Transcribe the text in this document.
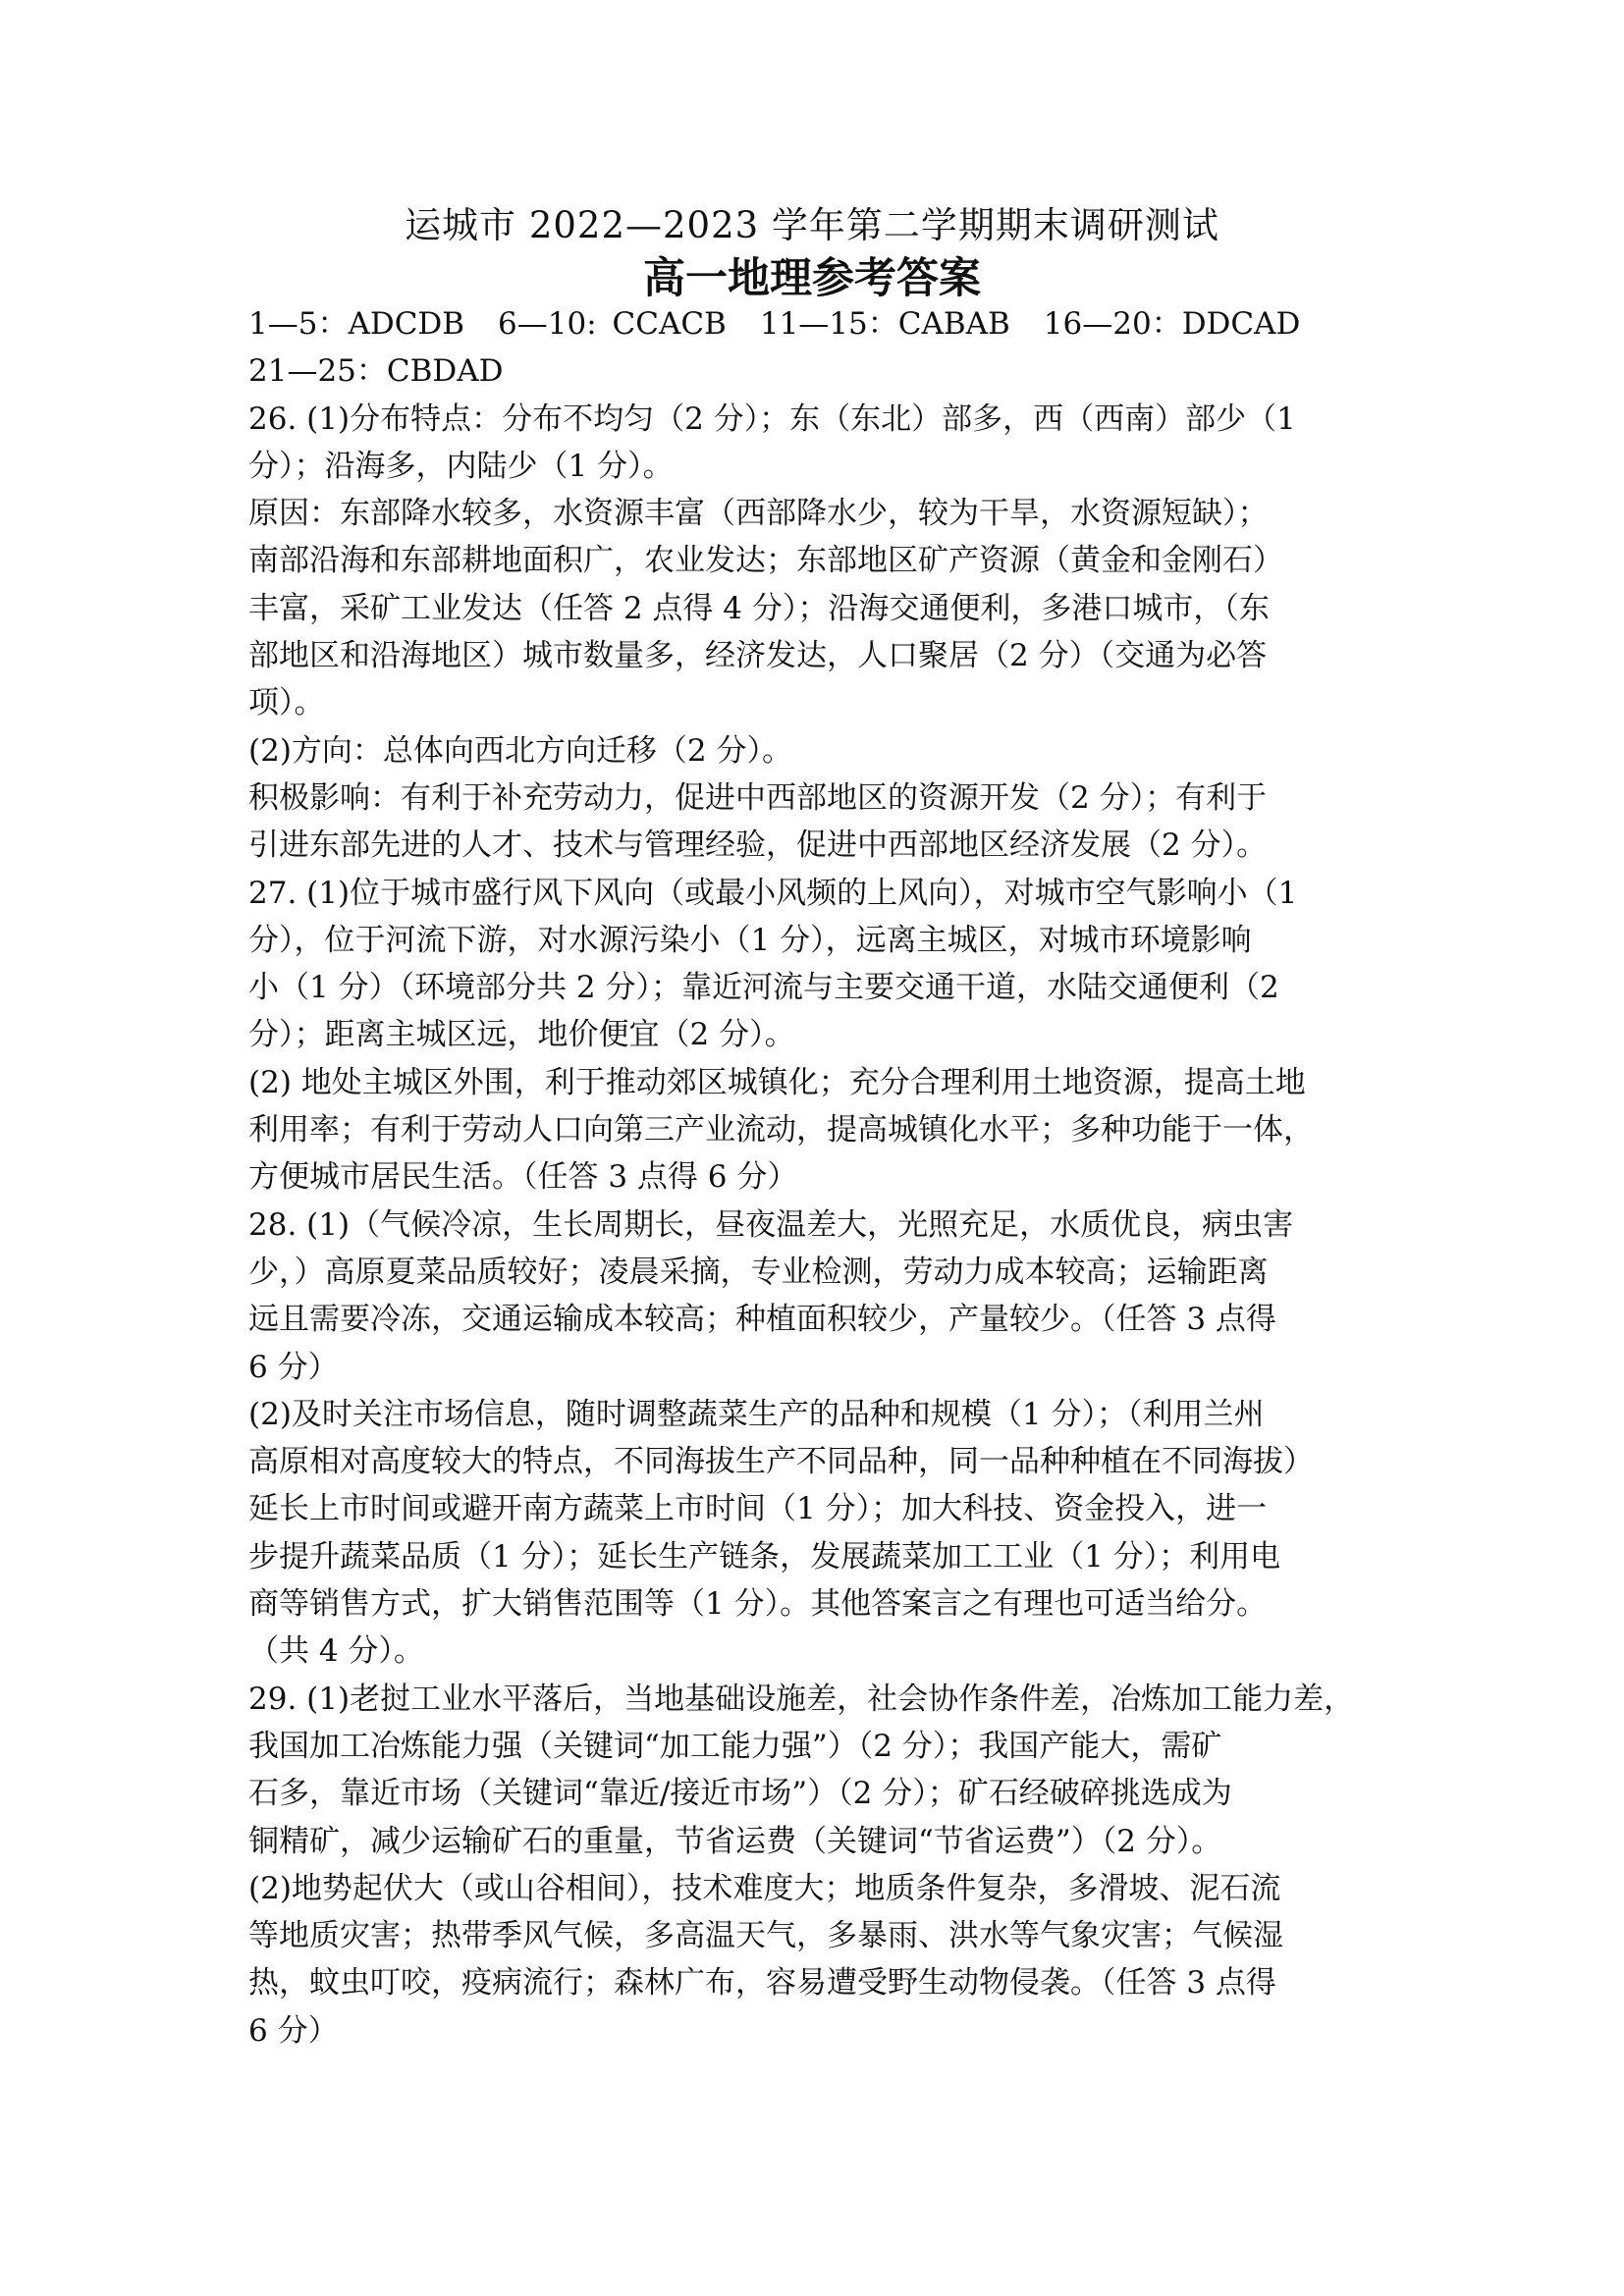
运城市 2022—2023 学年第二学期期末调研测试
高一地理参考答案
1—5：ADCDB 6—10: CCACB 11—15：CABAB 16—20：DDCAD
21—25：CBDAD
26. (1)分布特点：分布不均匀（2 分）；东（东北）部多，西（西南）部少（1
分）；沿海多，内陆少（1 分）。
原因：东部降水较多，水资源丰富（西部降水少，较为干旱，水资源短缺）；
南部沿海和东部耕地面积广，农业发达；东部地区矿产资源（黄金和金刚石）
丰富，采矿工业发达（任答 2 点得 4 分）；沿海交通便利，多港口城市，（东
部地区和沿海地区）城市数量多，经济发达，人口聚居（2 分）（交通为必答
项）。
(2)方向：总体向西北方向迁移（2 分）。
积极影响：有利于补充劳动力，促进中西部地区的资源开发（2 分）；有利于
引进东部先进的人才、技术与管理经验，促进中西部地区经济发展（2 分）。
27. (1)位于城市盛行风下风向（或最小风频的上风向），对城市空气影响小（1
分），位于河流下游，对水源污染小（1 分），远离主城区，对城市环境影响
小（1 分）（环境部分共 2 分）；靠近河流与主要交通干道，水陆交通便利（2
分）；距离主城区远，地价便宜（2 分）。
(2) 地处主城区外围，利于推动郊区城镇化；充分合理利用土地资源，提高土地
利用率；有利于劳动人口向第三产业流动，提高城镇化水平；多种功能于一体，
方便城市居民生活。（任答 3 点得 6 分）
28. (1)（气候冷凉，生长周期长，昼夜温差大，光照充足，水质优良，病虫害
少，）高原夏菜品质较好；凌晨采摘，专业检测，劳动力成本较高；运输距离
远且需要冷冻，交通运输成本较高；种植面积较少，产量较少。（任答 3 点得
6 分）
(2)及时关注市场信息，随时调整蔬菜生产的品种和规模（1 分）；（利用兰州
高原相对高度较大的特点，不同海拔生产不同品种，同一品种种植在不同海拔）
延长上市时间或避开南方蔬菜上市时间（1 分）；加大科技、资金投入，进一
步提升蔬菜品质（1 分）；延长生产链条，发展蔬菜加工工业（1 分）；利用电
商等销售方式，扩大销售范围等（1 分）。其他答案言之有理也可适当给分。
（共 4 分）。
29. (1)老挝工业水平落后，当地基础设施差，社会协作条件差，冶炼加工能力差，
我国加工冶炼能力强（关键词“加工能力强”）（2 分）；我国产能大，需矿
石多，靠近市场（关键词“靠近/接近市场”）（2 分）；矿石经破碎挑选成为
铜精矿，减少运输矿石的重量，节省运费（关键词“节省运费”）（2 分）。
(2)地势起伏大（或山谷相间），技术难度大；地质条件复杂，多滑坡、泥石流
等地质灾害；热带季风气候，多高温天气，多暴雨、洪水等气象灾害；气候湿
热，蚊虫叮咬，疫病流行；森林广布，容易遭受野生动物侵袭。（任答 3 点得
6 分）
